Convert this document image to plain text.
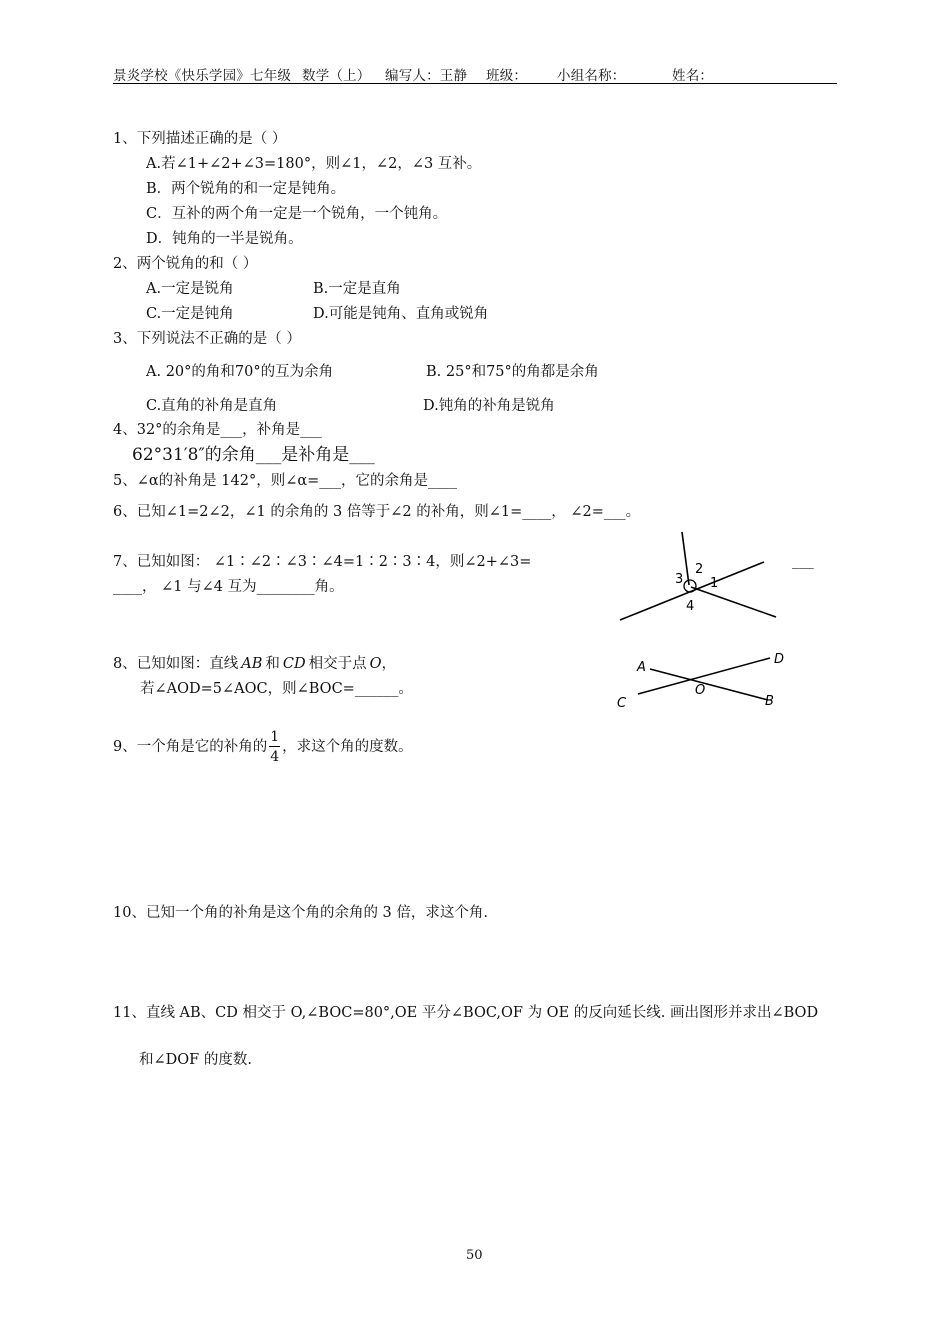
景炎学校《快乐学园》七年级 数学（上） 编写人：王静 班级： 小组名称：	姓名：
1、下列描述正确的是（ ）
A.若∠1+∠2+∠3=180°，则∠1，∠2，∠3 互补。
B．两个锐角的和一定是钝角。
C．互补的两个角一定是一个锐角，一个钝角。
D．钝角的一半是锐角。
2、两个锐角的和（ ）
A.一定是锐角	B.一定是直角
C.一定是钝角	D.可能是钝角、直角或锐角
3、下列说法不正确的是（ ）
A. 20°的角和70°的互为余角	B. 25°和75°的角都是余角
C.直角的补角是直角	D.钝角的补角是锐角
4、32°的余角是___，补角是___
62°31′8″的余角___是补角是___
5、∠α的补角是 142°，则∠α=___，它的余角是____
6、已知∠1=2∠2，∠1 的余角的 3 倍等于∠2 的补角，则∠1=____， ∠2=___。
7、已知如图： ∠1∶∠2∶∠3∶∠4=1∶2∶3∶4，则∠2+∠3=
____， ∠1 与∠4 互为________角。
___
3
2
1
4
8、已知如图：直线 AB 和 CD 相交于点 O，
若∠AOD=5∠AOC，则∠BOC=______。
A
D
O
C	B
9、一个角是它的补角的 $\frac{1}{4}$ ，求这个角的度数。
10、已知一个角的补角是这个角的余角的 3 倍，求这个角.
11、直线 AB、CD 相交于 O,∠BOC=80°,OE 平分∠BOC,OF 为 OE 的反向延长线. 画出图形并求出∠BOD
和∠DOF 的度数.
50
